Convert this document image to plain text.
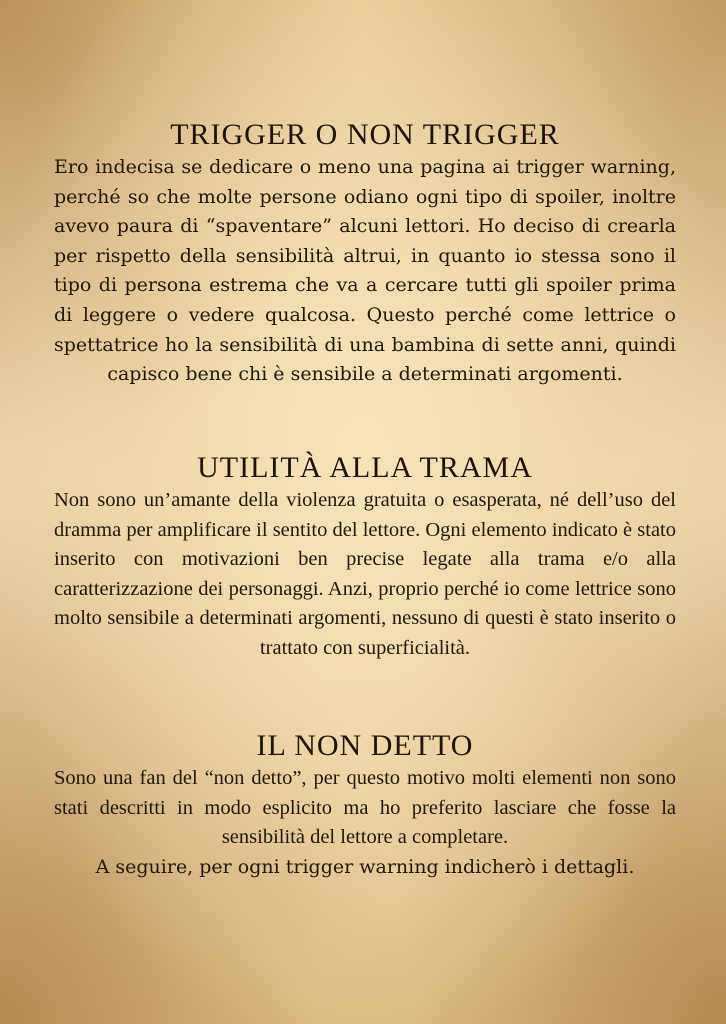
TRIGGER O NON TRIGGER

Ero indecisa se dedicare o meno una pagina ai trigger warning, perché so che molte persone odiano ogni tipo di spoiler, inoltre avevo paura di “spaventare” alcuni lettori. Ho deciso di crearla per rispetto della sensibilità altrui, in quanto io stessa sono il tipo di persona estrema che va a cercare tutti gli spoiler prima di leggere o vedere qualcosa. Questo perché come lettrice o spettatrice ho la sensibilità di una bambina di sette anni, quindi capisco bene chi è sensibile a determinati argomenti.

UTILITÀ ALLA TRAMA

Non sono un’amante della violenza gratuita o esasperata, né dell’uso del dramma per amplificare il sentito del lettore. Ogni elemento indicato è stato inserito con motivazioni ben precise legate alla trama e/o alla caratterizzazione dei personaggi. Anzi, proprio perché io come lettrice sono molto sensibile a determinati argomenti, nessuno di questi è stato inserito o trattato con superficialità.

IL NON DETTO

Sono una fan del “non detto”, per questo motivo molti elementi non sono stati descritti in modo esplicito ma ho preferito lasciare che fosse la sensibilità del lettore a completare.

A seguire, per ogni trigger warning indicherò i dettagli.
